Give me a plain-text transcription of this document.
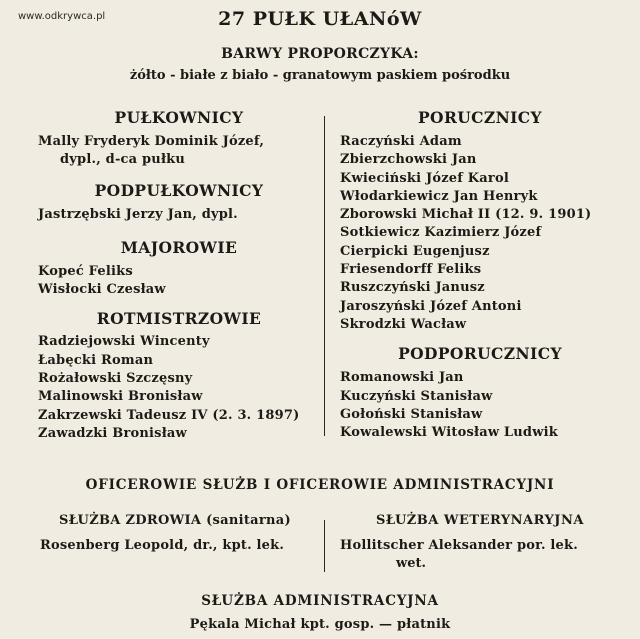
www.odkrywca.pl	27 PUŁK UŁANóW
BARWY PROPORCZYKA:
żółto - białe z biało - granatowym paskiem pośrodku
PUŁKOWNICY
Mally Fryderyk Dominik Józef,
dypl., d-ca pułku
PODPUŁKOWNICY
Jastrzębski Jerzy Jan, dypl.
MAJOROWIE
Kopeć Feliks
Wisłocki Czesław
ROTMISTRZOWIE
Radziejowski Wincenty
Łabęcki Roman
Rożałowski Szczęsny
Malinowski Bronisław
Zakrzewski Tadeusz IV (2. 3. 1897)
Zawadzki Bronisław
PORUCZNICY
Raczyński Adam
Zbierzchowski Jan
Kwieciński Józef Karol
Włodarkiewicz Jan Henryk
Zborowski Michał II (12. 9. 1901)
Sotkiewicz Kazimierz Józef
Cierpicki Eugenjusz
Friesendorff Feliks
Ruszczyński Janusz
Jaroszyński Józef Antoni
Skrodzki Wacław
PODPORUCZNICY
Romanowski Jan
Kuczyński Stanisław
Gołoński Stanisław
Kowalewski Witosław Ludwik
OFICEROWIE SŁUŻB I OFICEROWIE ADMINISTRACYJNI
SŁUŻBA ZDROWIA (sanitarna)	SŁUŻBA WETERYNARYJNA
Rosenberg Leopold, dr., kpt. lek.	Hollitscher Aleksander por. lek.
wet.
SŁUŻBA ADMINISTRACYJNA
Pękala Michał kpt. gosp. — płatnik
